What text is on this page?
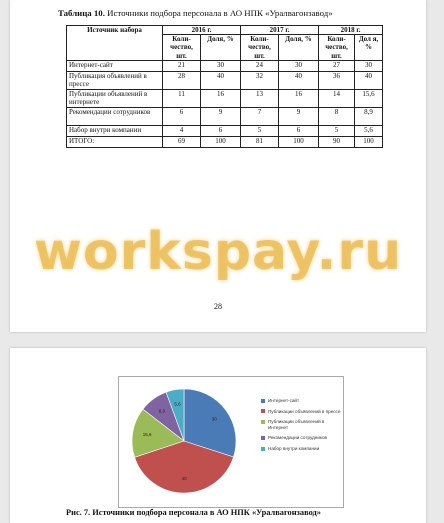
Таблица 10. Источники подбора персонала в АО НПК «Уралвагонзавод»
Источник набора	2016 г.		2017 г.		2018 г.	
	Коли-чество, шт.	Доля, %	Коли-чество, шт.	Доля, %	Коли-чество, шт.	Дол я, %
Интернет-сайт	21	30	24	30	27	30
Публикация объявлений в прессе	28	40	32	40	36	40
Публикации объявлений в интернете	11	16	13	16	14	15,6
Рекомендации сотрудников	6	9	7	9	8	8,9
Набор внутри компании	4	6	5	6	5	5,6
ИТОГО:	69	100	81	100	90	100
workspay.ru
28
30
40
15,6
8,9
5,6
Интернет-сайт
Публикации объявлений в прессе
Публикации объявлений в Интернет
Рекомендации сотрудников
Набор внутри компании
Рис. 7. Источники подбора персонала в АО НПК «Уралвагонзавод»
